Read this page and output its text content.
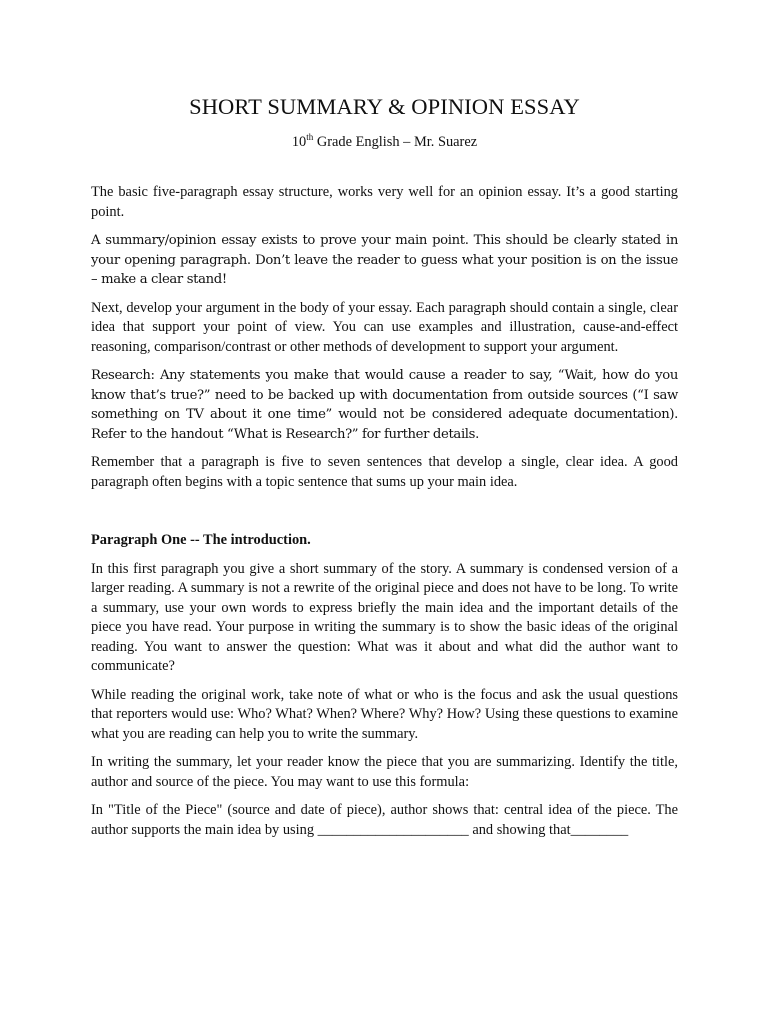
SHORT SUMMARY & OPINION ESSAY
10th Grade English – Mr. Suarez

The basic five-paragraph essay structure, works very well for an opinion essay. It’s a good starting point.

A summary/opinion essay exists to prove your main point. This should be clearly stated in your opening paragraph. Don’t leave the reader to guess what your position is on the issue – make a clear stand!

Next, develop your argument in the body of your essay. Each paragraph should contain a single, clear idea that support your point of view. You can use examples and illustration, cause-and-effect reasoning, comparison/contrast or other methods of development to support your argument.

Research: Any statements you make that would cause a reader to say, “Wait, how do you know that’s true?” need to be backed up with documentation from outside sources (“I saw something on TV about it one time” would not be considered adequate documentation). Refer to the handout “What is Research?” for further details.

Remember that a paragraph is five to seven sentences that develop a single, clear idea. A good paragraph often begins with a topic sentence that sums up your main idea.

Paragraph One -- The introduction.

In this first paragraph you give a short summary of the story. A summary is condensed version of a larger reading. A summary is not a rewrite of the original piece and does not have to be long. To write a summary, use your own words to express briefly the main idea and the important details of the piece you have read. Your purpose in writing the summary is to show the basic ideas of the original reading. You want to answer the question: What was it about and what did the author want to communicate?

While reading the original work, take note of what or who is the focus and ask the usual questions that reporters would use: Who? What? When? Where? Why? How? Using these questions to examine what you are reading can help you to write the summary.

In writing the summary, let your reader know the piece that you are summarizing. Identify the title, author and source of the piece. You may want to use this formula:

In "Title of the Piece" (source and date of piece), author shows that: central idea of the piece. The author supports the main idea by using _____________________ and showing that________
